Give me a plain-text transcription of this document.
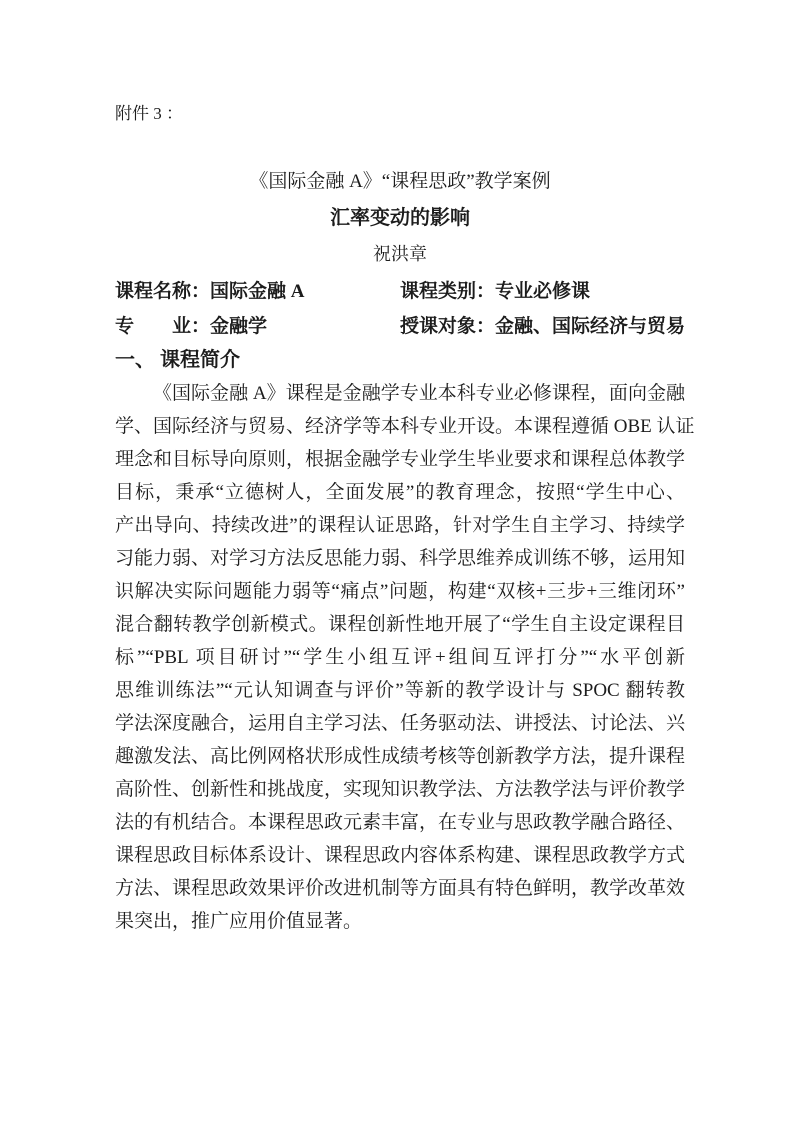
附件 3 ：
《国际金融 A》“课程思政”教学案例
汇率变动的影响
祝洪章
课程名称：国际金融 A	课程类别：专业必修课
专　　业：金融学	授课对象：金融、国际经济与贸易
一、 课程简介
《国际金融 A》课程是金融学专业本科专业必修课程，面向金融
学、国际经济与贸易、经济学等本科专业开设。本课程遵循 OBE 认证
理念和目标导向原则，根据金融学专业学生毕业要求和课程总体教学
目标，秉承“立德树人，全面发展”的教育理念，按照“学生中心、
产出导向、持续改进”的课程认证思路，针对学生自主学习、持续学
习能力弱、对学习方法反思能力弱、科学思维养成训练不够，运用知
识解决实际问题能力弱等“痛点”问题，构建“双核+三步+三维闭环”
混合翻转教学创新模式。课程创新性地开展了“学生自主设定课程目
标”“PBL 项目研讨”“学生小组互评+组间互评打分”“水平创新
思维训练法”“元认知调查与评价”等新的教学设计与 SPOC 翻转教
学法深度融合，运用自主学习法、任务驱动法、讲授法、讨论法、兴
趣激发法、高比例网格状形成性成绩考核等创新教学方法，提升课程
高阶性、创新性和挑战度，实现知识教学法、方法教学法与评价教学
法的有机结合。本课程思政元素丰富，在专业与思政教学融合路径、
课程思政目标体系设计、课程思政内容体系构建、课程思政教学方式
方法、课程思政效果评价改进机制等方面具有特色鲜明，教学改革效
果突出，推广应用价值显著。
